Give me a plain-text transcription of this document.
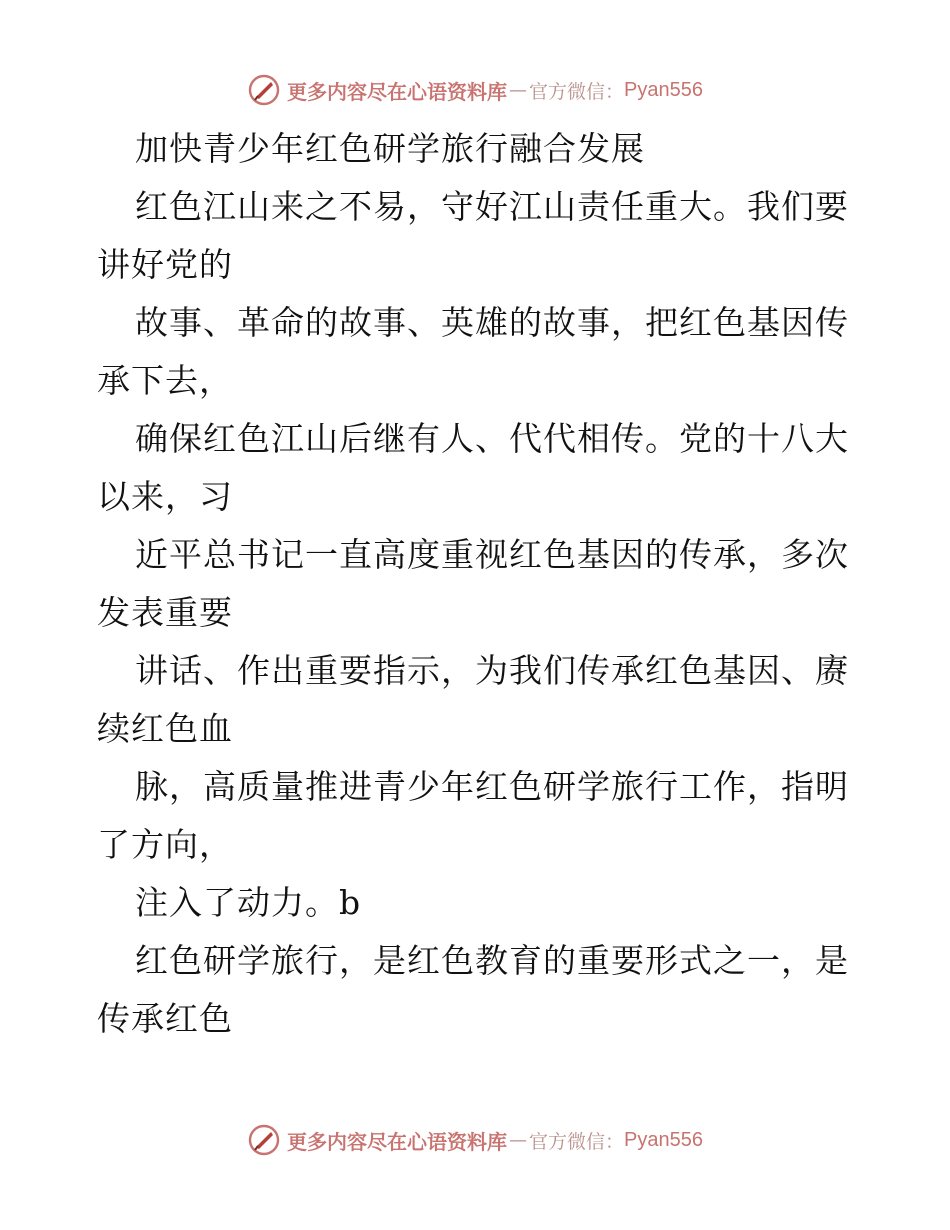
更多内容尽在心语资料库 — 官方微信： Pyan556
加快青少年红色研学旅行融合发展
红色江山来之不易，守好江山责任重大。我们要
讲好党的
故事、革命的故事、英雄的故事，把红色基因传
承下去，
确保红色江山后继有人、代代相传。党的十八大
以来，习
近平总书记一直高度重视红色基因的传承，多次
发表重要
讲话、作出重要指示，为我们传承红色基因、赓
续红色血
脉，高质量推进青少年红色研学旅行工作，指明
了方向，
注入了动力。b
红色研学旅行，是红色教育的重要形式之一，是
传承红色
更多内容尽在心语资料库 — 官方微信： Pyan556
